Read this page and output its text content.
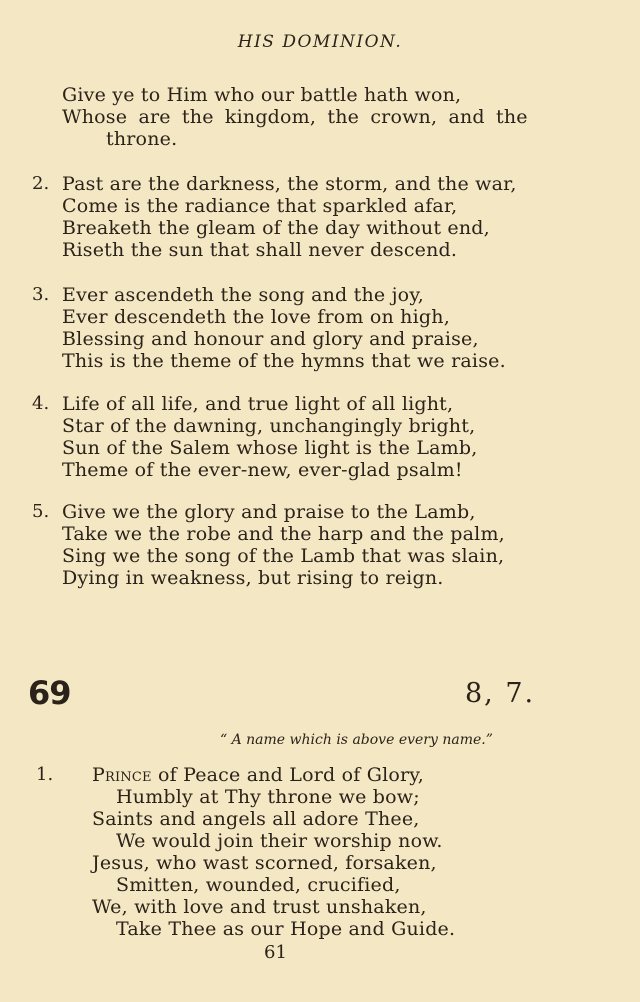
HIS DOMINION.
Give ye to Him who our battle hath won,
Whose are the kingdom, the crown, and the
throne.
2. Past are the darkness, the storm, and the war,
Come is the radiance that sparkled afar,
Breaketh the gleam of the day without end,
Riseth the sun that shall never descend.
3. Ever ascendeth the song and the joy,
Ever descendeth the love from on high,
Blessing and honour and glory and praise,
This is the theme of the hymns that we raise.
4. Life of all life, and true light of all light,
Star of the dawning, unchangingly bright,
Sun of the Salem whose light is the Lamb,
Theme of the ever-new, ever-glad psalm!
5. Give we the glory and praise to the Lamb,
Take we the robe and the harp and the palm,
Sing we the song of the Lamb that was slain,
Dying in weakness, but rising to reign.
69	8, 7.
“ A name which is above every name.”
1. Prince of Peace and Lord of Glory,
Humbly at Thy throne we bow;
Saints and angels all adore Thee,
We would join their worship now.
Jesus, who wast scorned, forsaken,
Smitten, wounded, crucified,
We, with love and trust unshaken,
Take Thee as our Hope and Guide.
61
